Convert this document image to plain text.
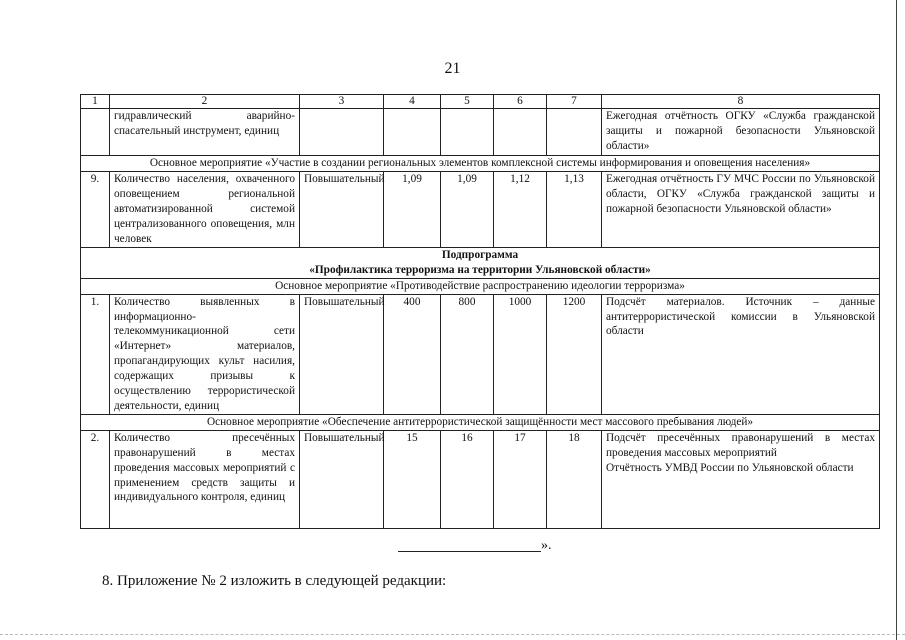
21
1	2	3	4	5	6	7	8
	гидравлический аварийно-спасательный инструмент, единиц						Ежегодная отчётность ОГКУ «Служба гражданской защиты и пожарной безопасности Ульяновской области»
Основное мероприятие «Участие в создании региональных элементов комплексной системы информирования и оповещения населения»							
9.	Количество населения, охваченного оповещением региональной автоматизированной системой централизованного оповещения, млн человек	Повышательный	1,09	1,09	1,12	1,13	Ежегодная отчётность ГУ МЧС России по Ульяновской области, ОГКУ «Служба гражданской защиты и пожарной безопасности Ульяновской области»

Подпрограмма
«Профилактика терроризма на территории Ульяновской области»							

Основное мероприятие «Противодействие распространению идеологии терроризма»							
1.	Количество выявленных в информационно-телекоммуникационной сети «Интернет» материалов, пропагандирующих культ насилия, содержащих призывы к осуществлению террористической деятельности, единиц	Повышательный	400	800	1000	1200	Подсчёт материалов. Источник – данные антитеррористической комиссии в Ульяновской области
Основное мероприятие «Обеспечение антитеррористической защищённости мест массового пребывания людей»							
2.	Количество пресечённых правонарушений в местах проведения массовых мероприятий с применением средств защиты и индивидуального контроля, единиц	Повышательный	15	16	17	18	Подсчёт пресечённых правонарушений в местах проведения массовых мероприятий
Отчётность УМВД России по Ульяновской области
».
8. Приложение № 2 изложить в следующей редакции:
